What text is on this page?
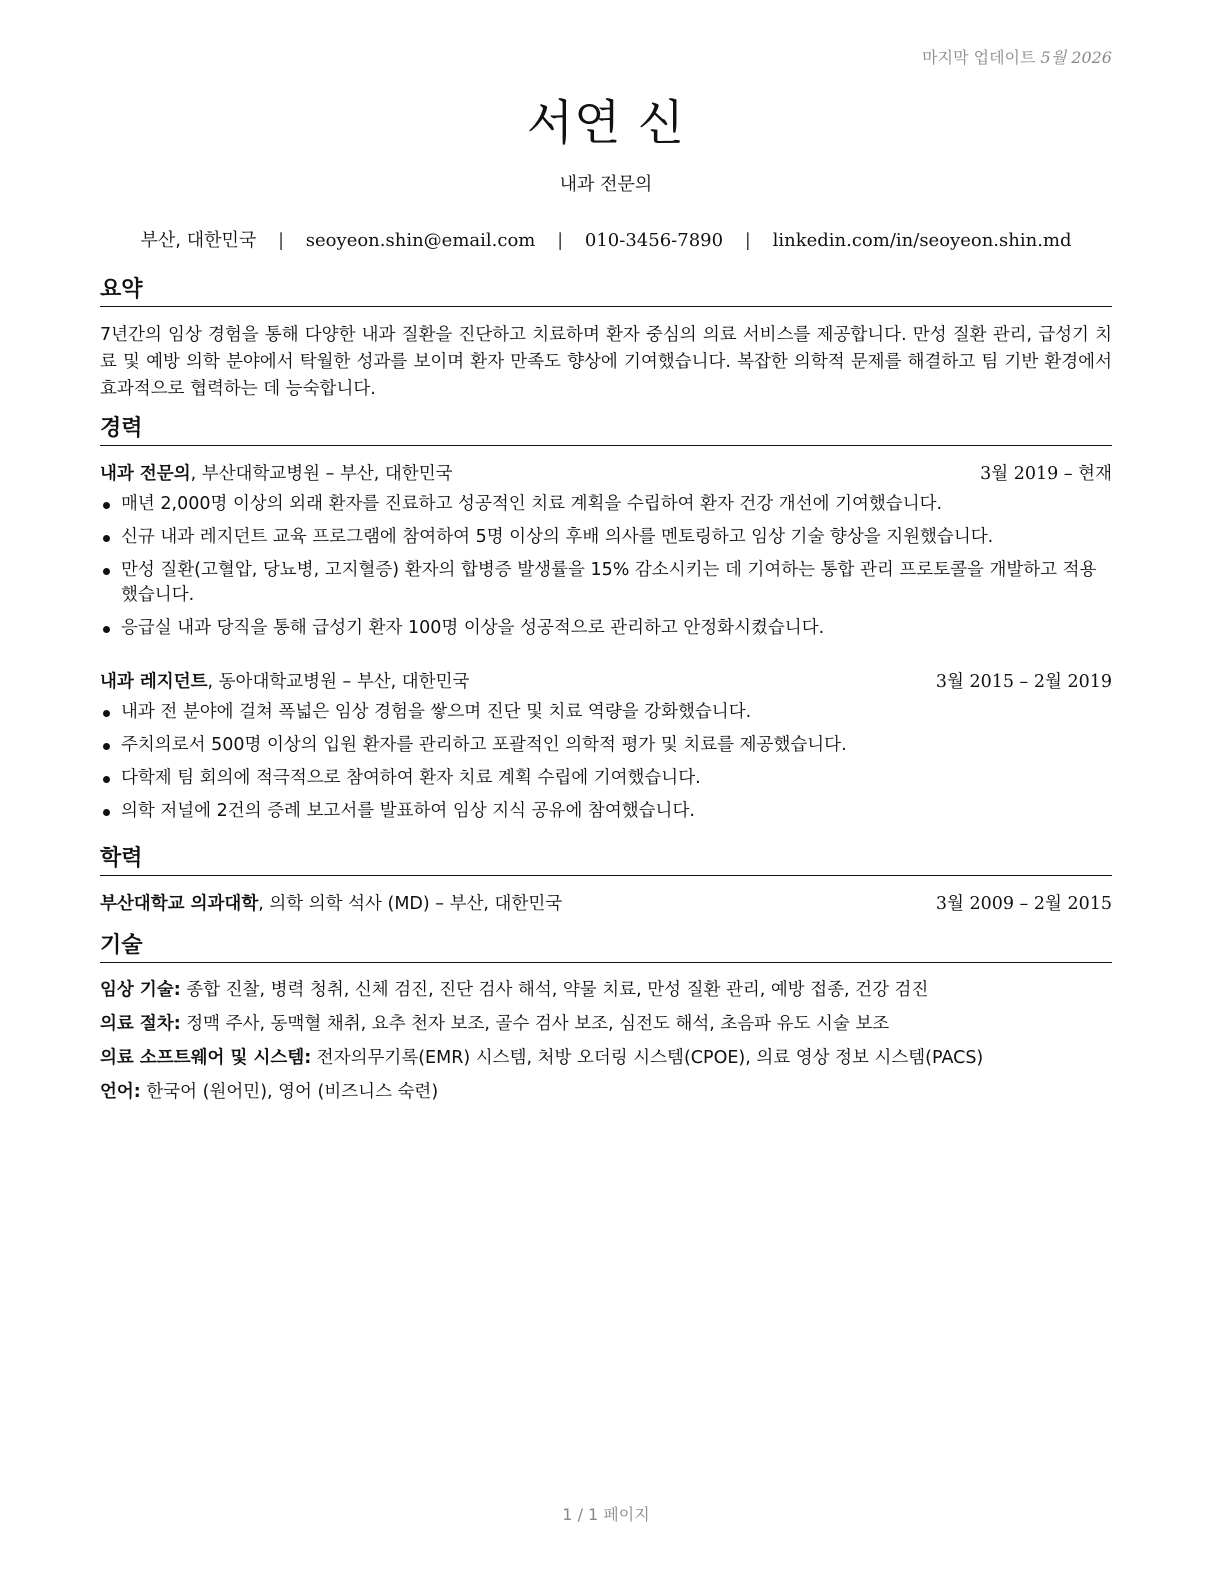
마지막 업데이트 5월 2026
서연 신
내과 전문의
부산, 대한민국 | seoyeon.shin@email.com | 010-3456-7890 | linkedin.com/in/seoyeon.shin.md
요약
7년간의 임상 경험을 통해 다양한 내과 질환을 진단하고 치료하며 환자 중심의 의료 서비스를 제공합니다. 만성 질환 관리, 급성기 치료 및 예방 의학 분야에서 탁월한 성과를 보이며 환자 만족도 향상에 기여했습니다. 복잡한 의학적 문제를 해결하고 팀 기반 환경에서 효과적으로 협력하는 데 능숙합니다.
경력
내과 전문의, 부산대학교병원 – 부산, 대한민국	3월 2019 – 현재
매년 2,000명 이상의 외래 환자를 진료하고 성공적인 치료 계획을 수립하여 환자 건강 개선에 기여했습니다.
신규 내과 레지던트 교육 프로그램에 참여하여 5명 이상의 후배 의사를 멘토링하고 임상 기술 향상을 지원했습니다.
만성 질환(고혈압, 당뇨병, 고지혈증) 환자의 합병증 발생률을 15% 감소시키는 데 기여하는 통합 관리 프로토콜을 개발하고 적용했습니다.
응급실 내과 당직을 통해 급성기 환자 100명 이상을 성공적으로 관리하고 안정화시켰습니다.
내과 레지던트, 동아대학교병원 – 부산, 대한민국	3월 2015 – 2월 2019
내과 전 분야에 걸쳐 폭넓은 임상 경험을 쌓으며 진단 및 치료 역량을 강화했습니다.
주치의로서 500명 이상의 입원 환자를 관리하고 포괄적인 의학적 평가 및 치료를 제공했습니다.
다학제 팀 회의에 적극적으로 참여하여 환자 치료 계획 수립에 기여했습니다.
의학 저널에 2건의 증례 보고서를 발표하여 임상 지식 공유에 참여했습니다.
학력
부산대학교 의과대학, 의학 의학 석사 (MD) – 부산, 대한민국	3월 2009 – 2월 2015
기술
임상 기술: 종합 진찰, 병력 청취, 신체 검진, 진단 검사 해석, 약물 치료, 만성 질환 관리, 예방 접종, 건강 검진
의료 절차: 정맥 주사, 동맥혈 채취, 요추 천자 보조, 골수 검사 보조, 심전도 해석, 초음파 유도 시술 보조
의료 소프트웨어 및 시스템: 전자의무기록(EMR) 시스템, 처방 오더링 시스템(CPOE), 의료 영상 정보 시스템(PACS)
언어: 한국어 (원어민), 영어 (비즈니스 숙련)
1 / 1 페이지
